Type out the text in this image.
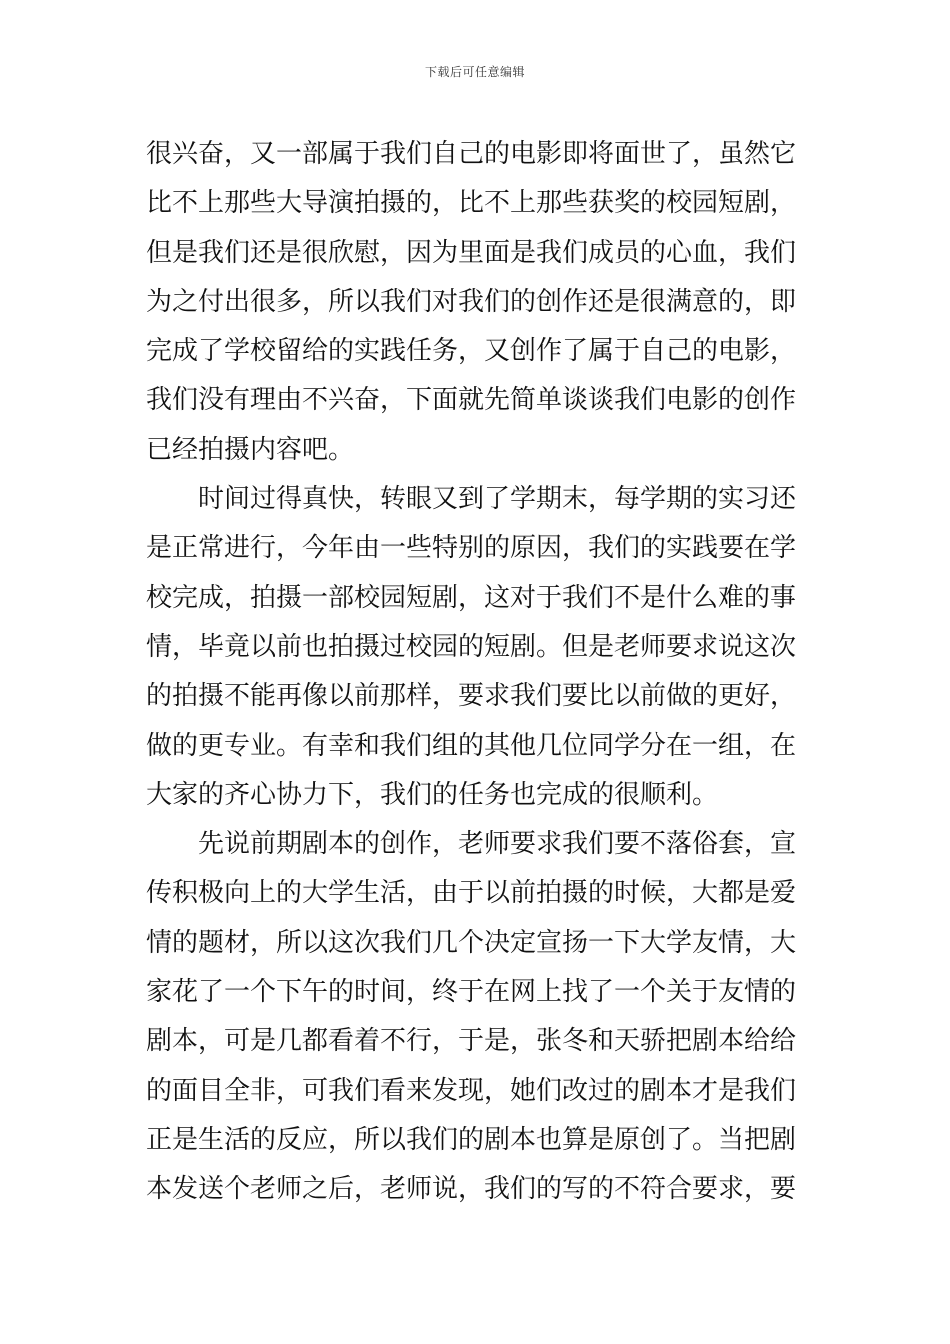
下载后可任意编辑
很兴奋，又一部属于我们自己的电影即将面世了，虽然它
比不上那些大导演拍摄的，比不上那些获奖的校园短剧，
但是我们还是很欣慰，因为里面是我们成员的心血，我们
为之付出很多，所以我们对我们的创作还是很满意的，即
完成了学校留给的实践任务，又创作了属于自己的电影，
我们没有理由不兴奋，下面就先简单谈谈我们电影的创作
已经拍摄内容吧。
时间过得真快，转眼又到了学期末，每学期的实习还
是正常进行，今年由一些特别的原因，我们的实践要在学
校完成，拍摄一部校园短剧，这对于我们不是什么难的事
情，毕竟以前也拍摄过校园的短剧。但是老师要求说这次
的拍摄不能再像以前那样，要求我们要比以前做的更好，
做的更专业。有幸和我们组的其他几位同学分在一组，在
大家的齐心协力下，我们的任务也完成的很顺利。
先说前期剧本的创作，老师要求我们要不落俗套，宣
传积极向上的大学生活，由于以前拍摄的时候，大都是爱
情的题材，所以这次我们几个决定宣扬一下大学友情，大
家花了一个下午的时间，终于在网上找了一个关于友情的
剧本，可是几都看着不行，于是，张冬和天骄把剧本给给
的面目全非，可我们看来发现，她们改过的剧本才是我们
正是生活的反应，所以我们的剧本也算是原创了。当把剧
本发送个老师之后，老师说，我们的写的不符合要求，要
